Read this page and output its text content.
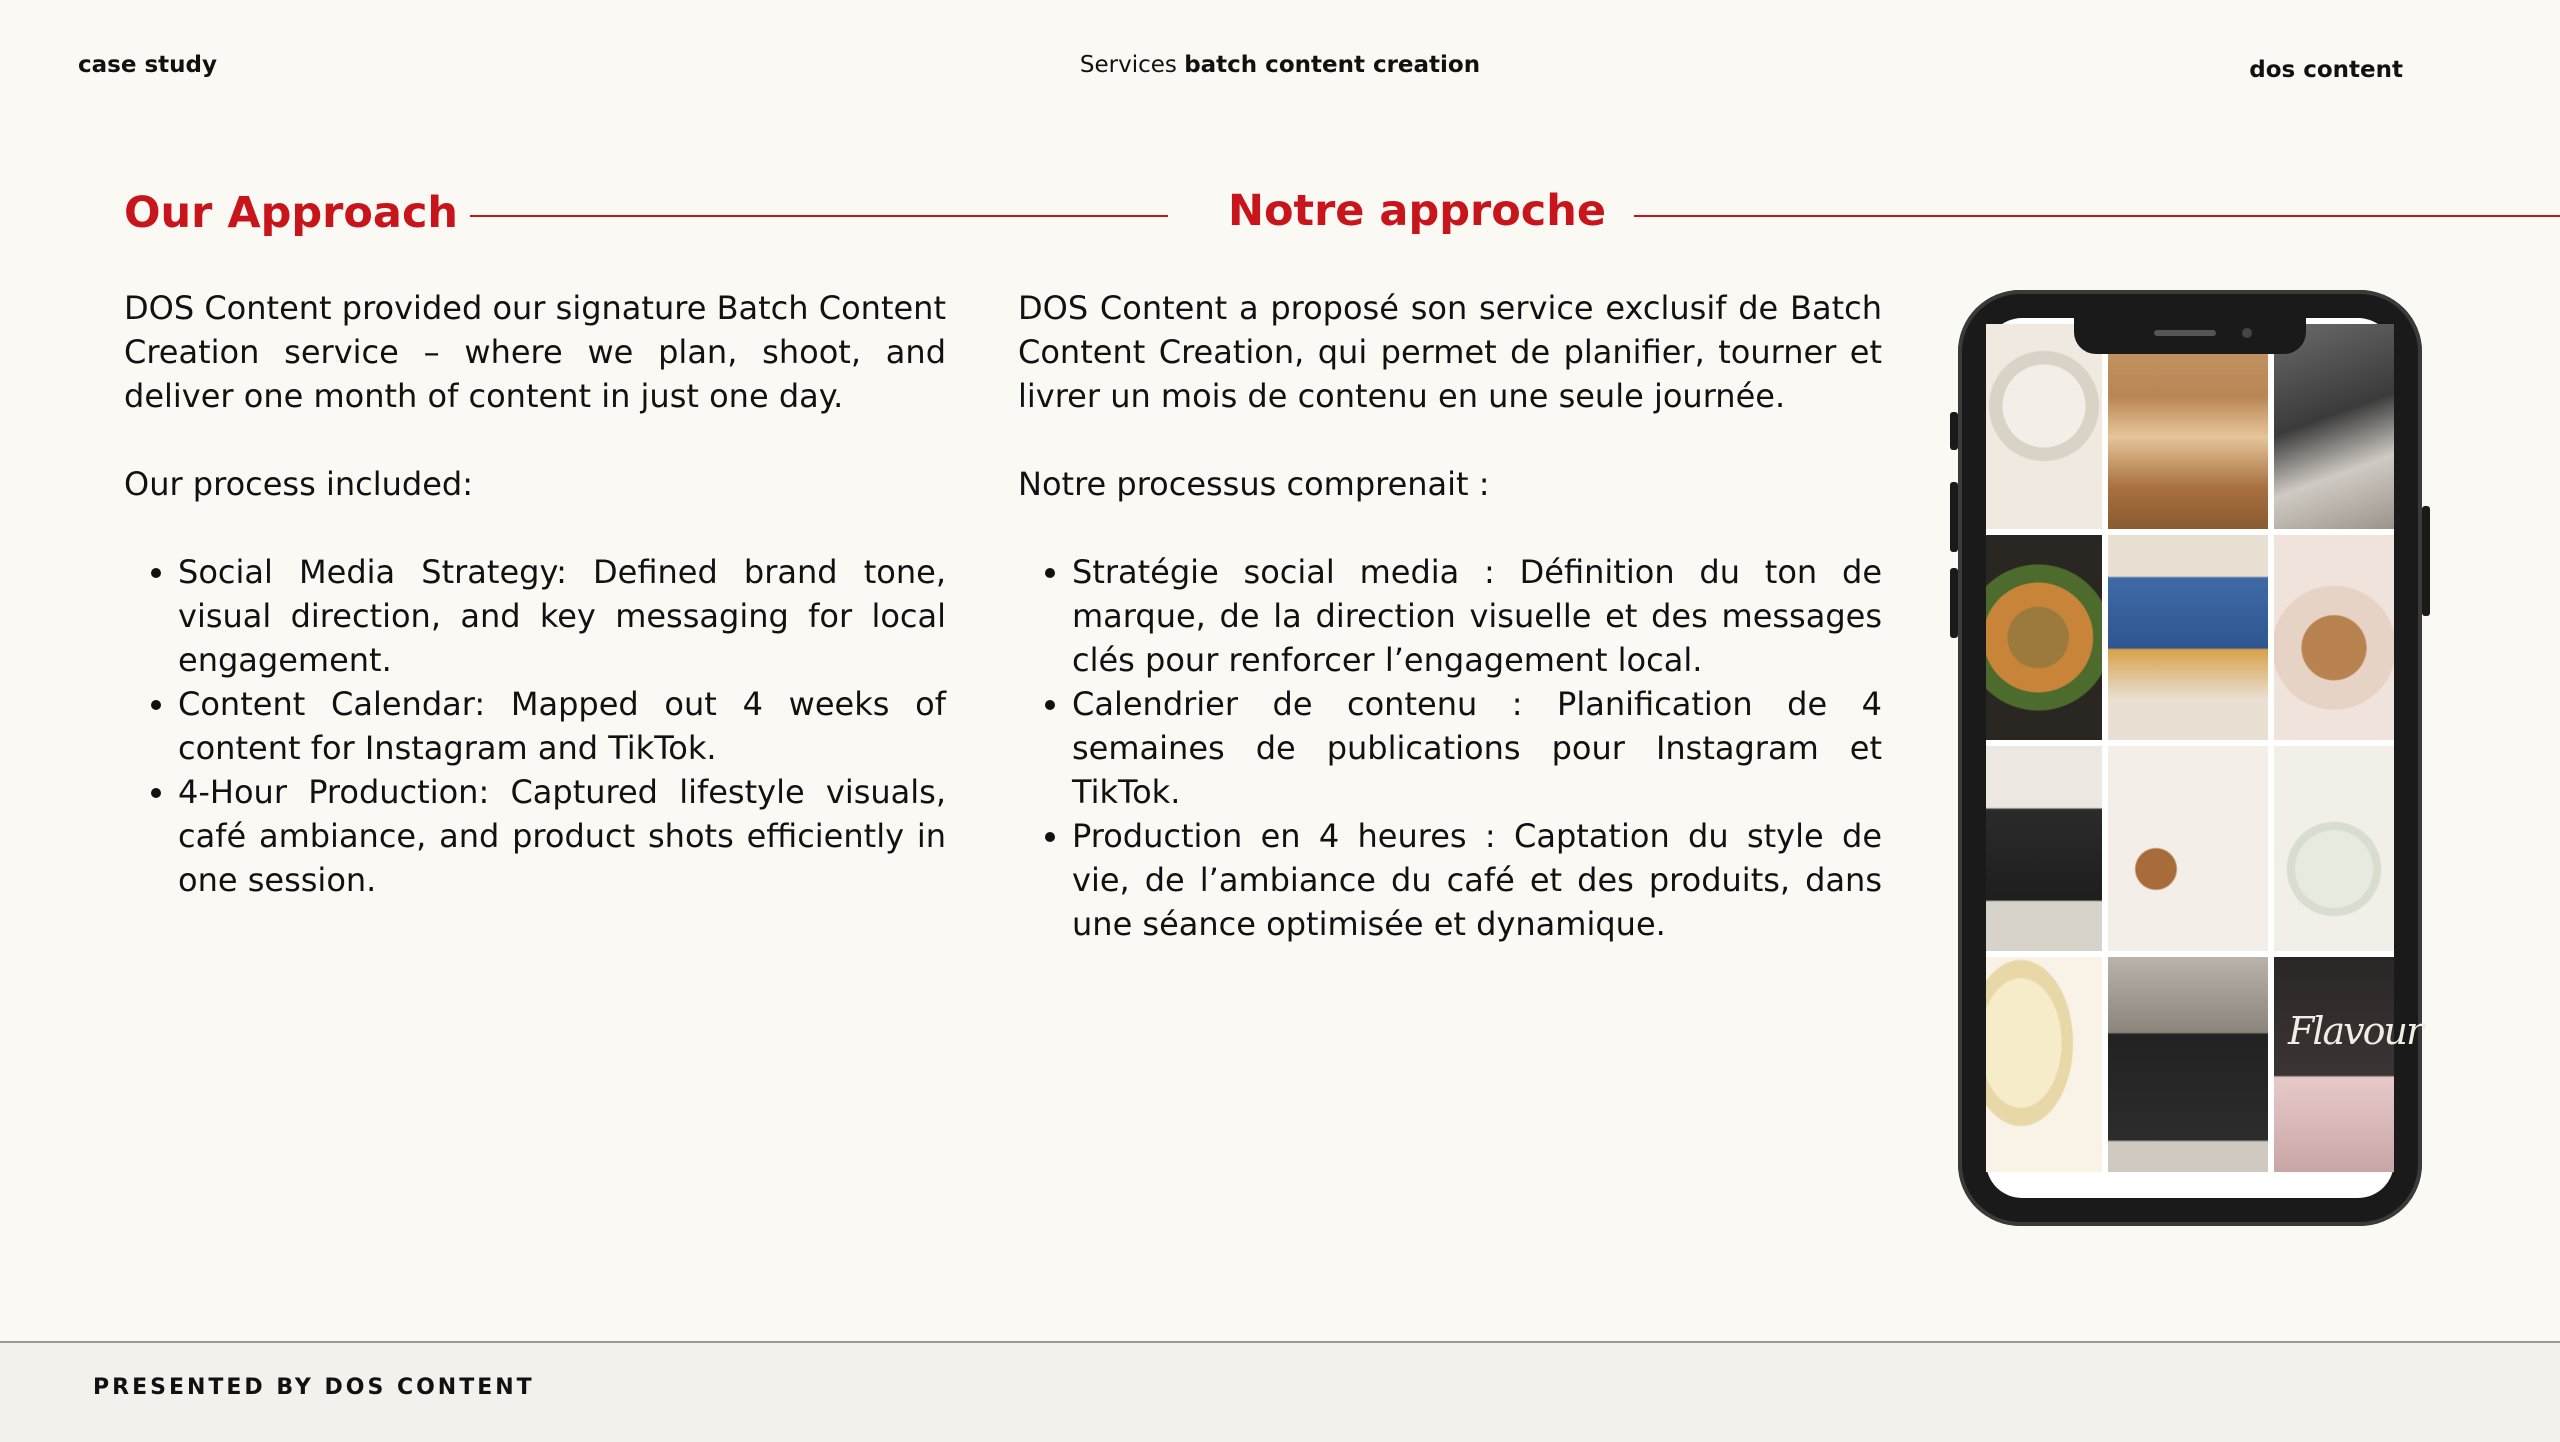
case study	Services batch content creation	dos content
Our Approach	Notre approche

DOS Content provided our signature Batch Content Creation service – where we plan, shoot, and deliver one month of content in just one day.

Our process included:

• Social Media Strategy: Defined brand tone, visual direction, and key messaging for local engagement.
• Content Calendar: Mapped out 4 weeks of content for Instagram and TikTok.
• 4-Hour Production: Captured lifestyle visuals, café ambiance, and product shots efficiently in one session.

DOS Content a proposé son service exclusif de Batch Content Creation, qui permet de planifier, tourner et livrer un mois de contenu en une seule journée.

Notre processus comprenait :

• Stratégie social media : Définition du ton de marque, de la direction visuelle et des messages clés pour renforcer l’engagement local.
• Calendrier de contenu : Planification de 4 semaines de publications pour Instagram et TikTok.
• Production en 4 heures : Captation du style de vie, de l’ambiance du café et des produits, dans une séance optimisée et dynamique.
Flavour
PRESENTED BY DOS CONTENT
